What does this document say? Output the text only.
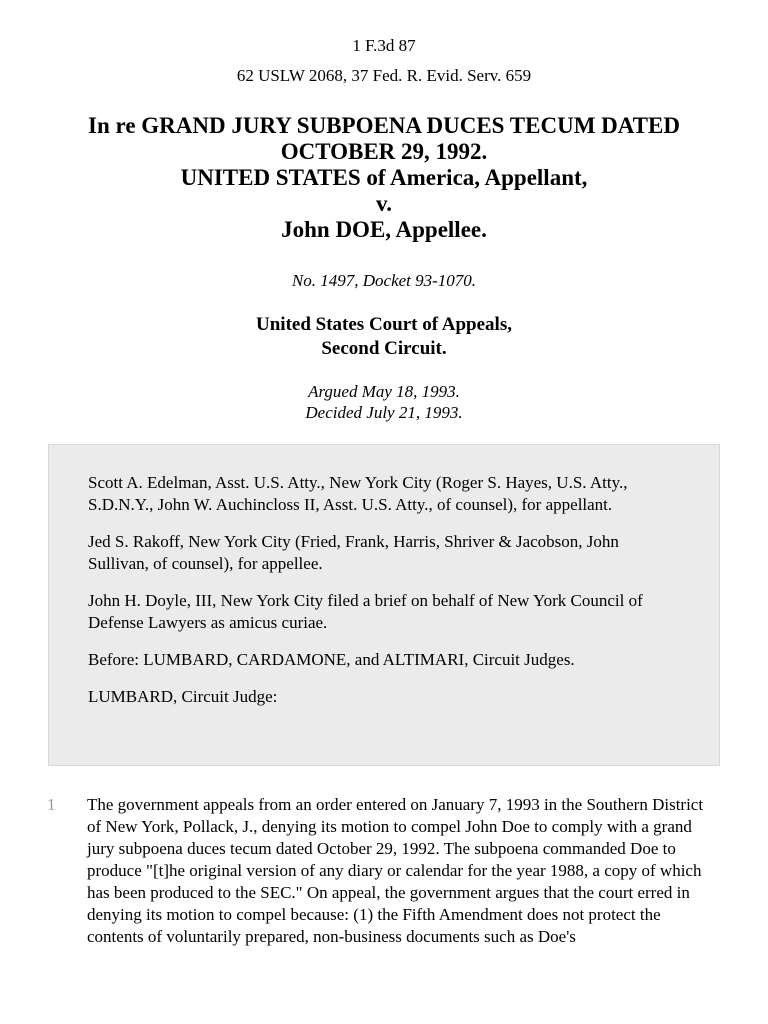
1 F.3d 87
62 USLW 2068, 37 Fed. R. Evid. Serv. 659
In re GRAND JURY SUBPOENA DUCES TECUM DATED
OCTOBER 29, 1992.
UNITED STATES of America, Appellant,
v.
John DOE, Appellee.
No. 1497, Docket 93-1070.
United States Court of Appeals,
Second Circuit.
Argued May 18, 1993.
Decided July 21, 1993.

Scott A. Edelman, Asst. U.S. Atty., New York City (Roger S. Hayes, U.S. Atty., S.D.N.Y., John W. Auchincloss II, Asst. U.S. Atty., of counsel), for appellant.

Jed S. Rakoff, New York City (Fried, Frank, Harris, Shriver & Jacobson, John Sullivan, of counsel), for appellee.

John H. Doyle, III, New York City filed a brief on behalf of New York Council of Defense Lawyers as amicus curiae.

Before: LUMBARD, CARDAMONE, and ALTIMARI, Circuit Judges.

LUMBARD, Circuit Judge:

1 The government appeals from an order entered on January 7, 1993 in the Southern District of New York, Pollack, J., denying its motion to compel John Doe to comply with a grand jury subpoena duces tecum dated October 29, 1992. The subpoena commanded Doe to produce "[t]he original version of any diary or calendar for the year 1988, a copy of which has been produced to the SEC." On appeal, the government argues that the court erred in denying its motion to compel because: (1) the Fifth Amendment does not protect the contents of voluntarily prepared, non-business documents such as Doe's
